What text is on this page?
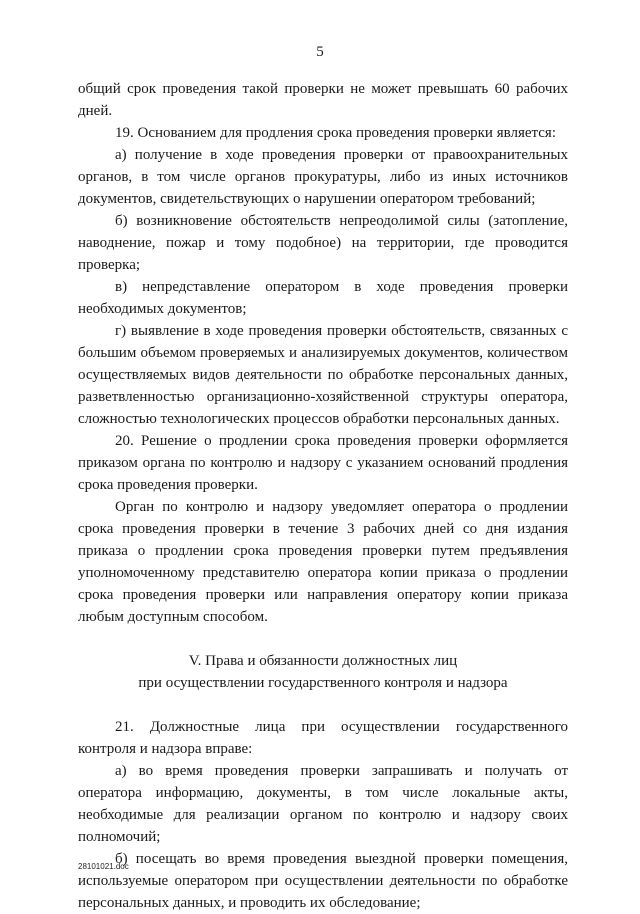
5

общий срок проведения такой проверки не может превышать 60 рабочих дней.

19. Основанием для продления срока проведения проверки является:

а) получение в ходе проведения проверки от правоохранительных органов, в том числе органов прокуратуры, либо из иных источников документов, свидетельствующих о нарушении оператором требований;

б) возникновение обстоятельств непреодолимой силы (затопление, наводнение, пожар и тому подобное) на территории, где проводится проверка;

в) непредставление оператором в ходе проведения проверки необходимых документов;

г) выявление в ходе проведения проверки обстоятельств, связанных с большим объемом проверяемых и анализируемых документов, количеством осуществляемых видов деятельности по обработке персональных данных, разветвленностью организационно-хозяйственной структуры оператора, сложностью технологических процессов обработки персональных данных.

20. Решение о продлении срока проведения проверки оформляется приказом органа по контролю и надзору с указанием оснований продления срока проведения проверки.

Орган по контролю и надзору уведомляет оператора о продлении срока проведения проверки в течение 3 рабочих дней со дня издания приказа о продлении срока проведения проверки путем предъявления уполномоченному представителю оператора копии приказа о продлении срока проведения проверки или направления оператору копии приказа любым доступным способом.

V. Права и обязанности должностных лиц
при осуществлении государственного контроля и надзора

21. Должностные лица при осуществлении государственного контроля и надзора вправе:

а) во время проведения проверки запрашивать и получать от оператора информацию, документы, в том числе локальные акты, необходимые для реализации органом по контролю и надзору своих полномочий;

б) посещать во время проведения выездной проверки помещения, используемые оператором при осуществлении деятельности по обработке персональных данных, и проводить их обследование;

28101021.doc
